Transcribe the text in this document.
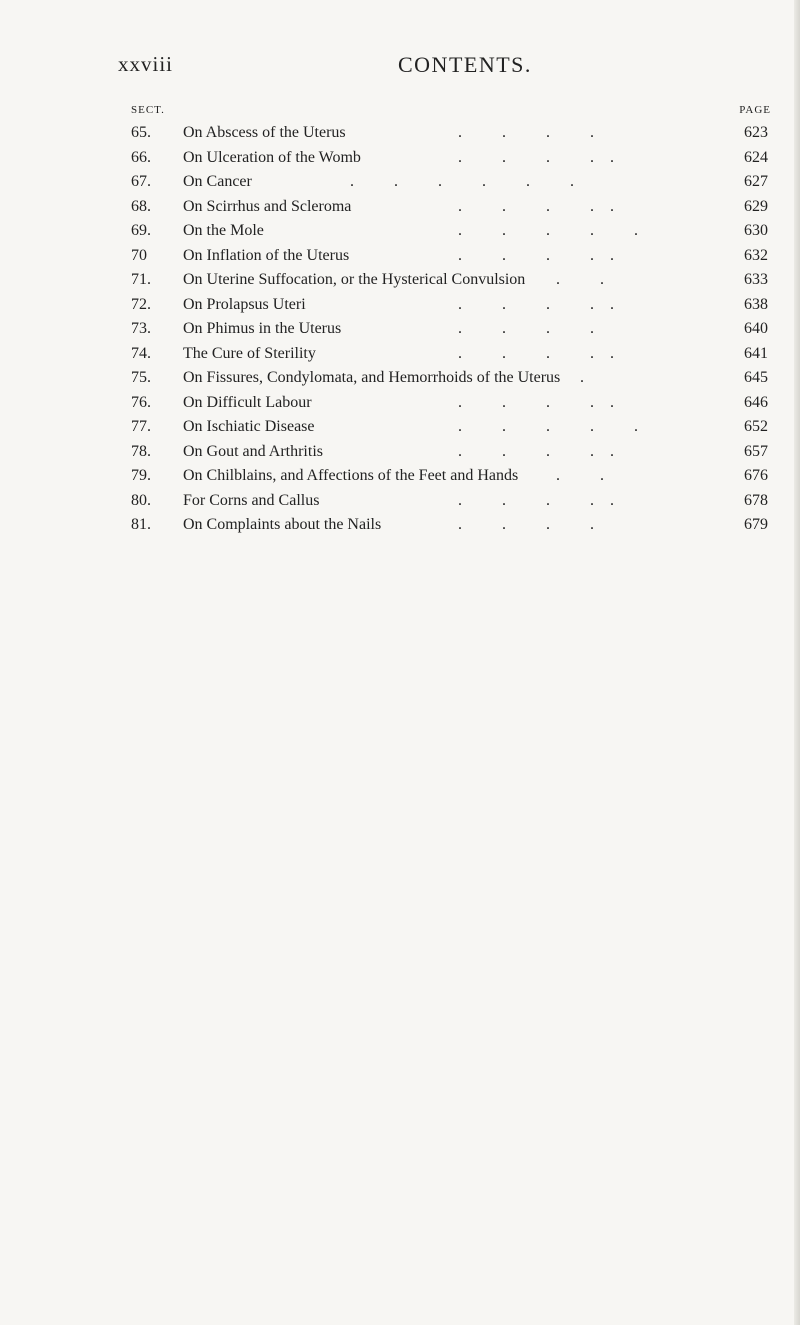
xxviii	CONTENTS.
SECT.	PAGE
65.	On Abscess of the Uterus	.          .          .          .	623
66.	On Ulceration of the Womb	.          .          .          .    .	624
67.	On Cancer	.          .          .          .          .          .	627
68.	On Scirrhus and Scleroma	.          .          .          .    .	629
69.	On the Mole	.          .          .          .          .	630
70	On Inflation of the Uterus	.          .          .          .    .	632
71.	On Uterine Suffocation, or the Hysterical Convulsion .          .	633
72.	On Prolapsus Uteri	.          .          .          .    .	638
73.	On Phimus in the Uterus	.          .          .          .	640
74.	The Cure of Sterility	.          .          .          .    .	641
75.	On Fissures, Condylomata, and Hemorrhoids of the Uterus .	645
76.	On Difficult Labour	.          .          .          .    .	646
77.	On Ischiatic Disease	.          .          .          .          .	652
78.	On Gout and Arthritis	.          .          .          .    .	657
79.	On Chilblains, and Affections of the Feet and Hands .          .	676
80.	For Corns and Callus	.          .          .          .    .	678
81.	On Complaints about the Nails	.          .          .          .	679
